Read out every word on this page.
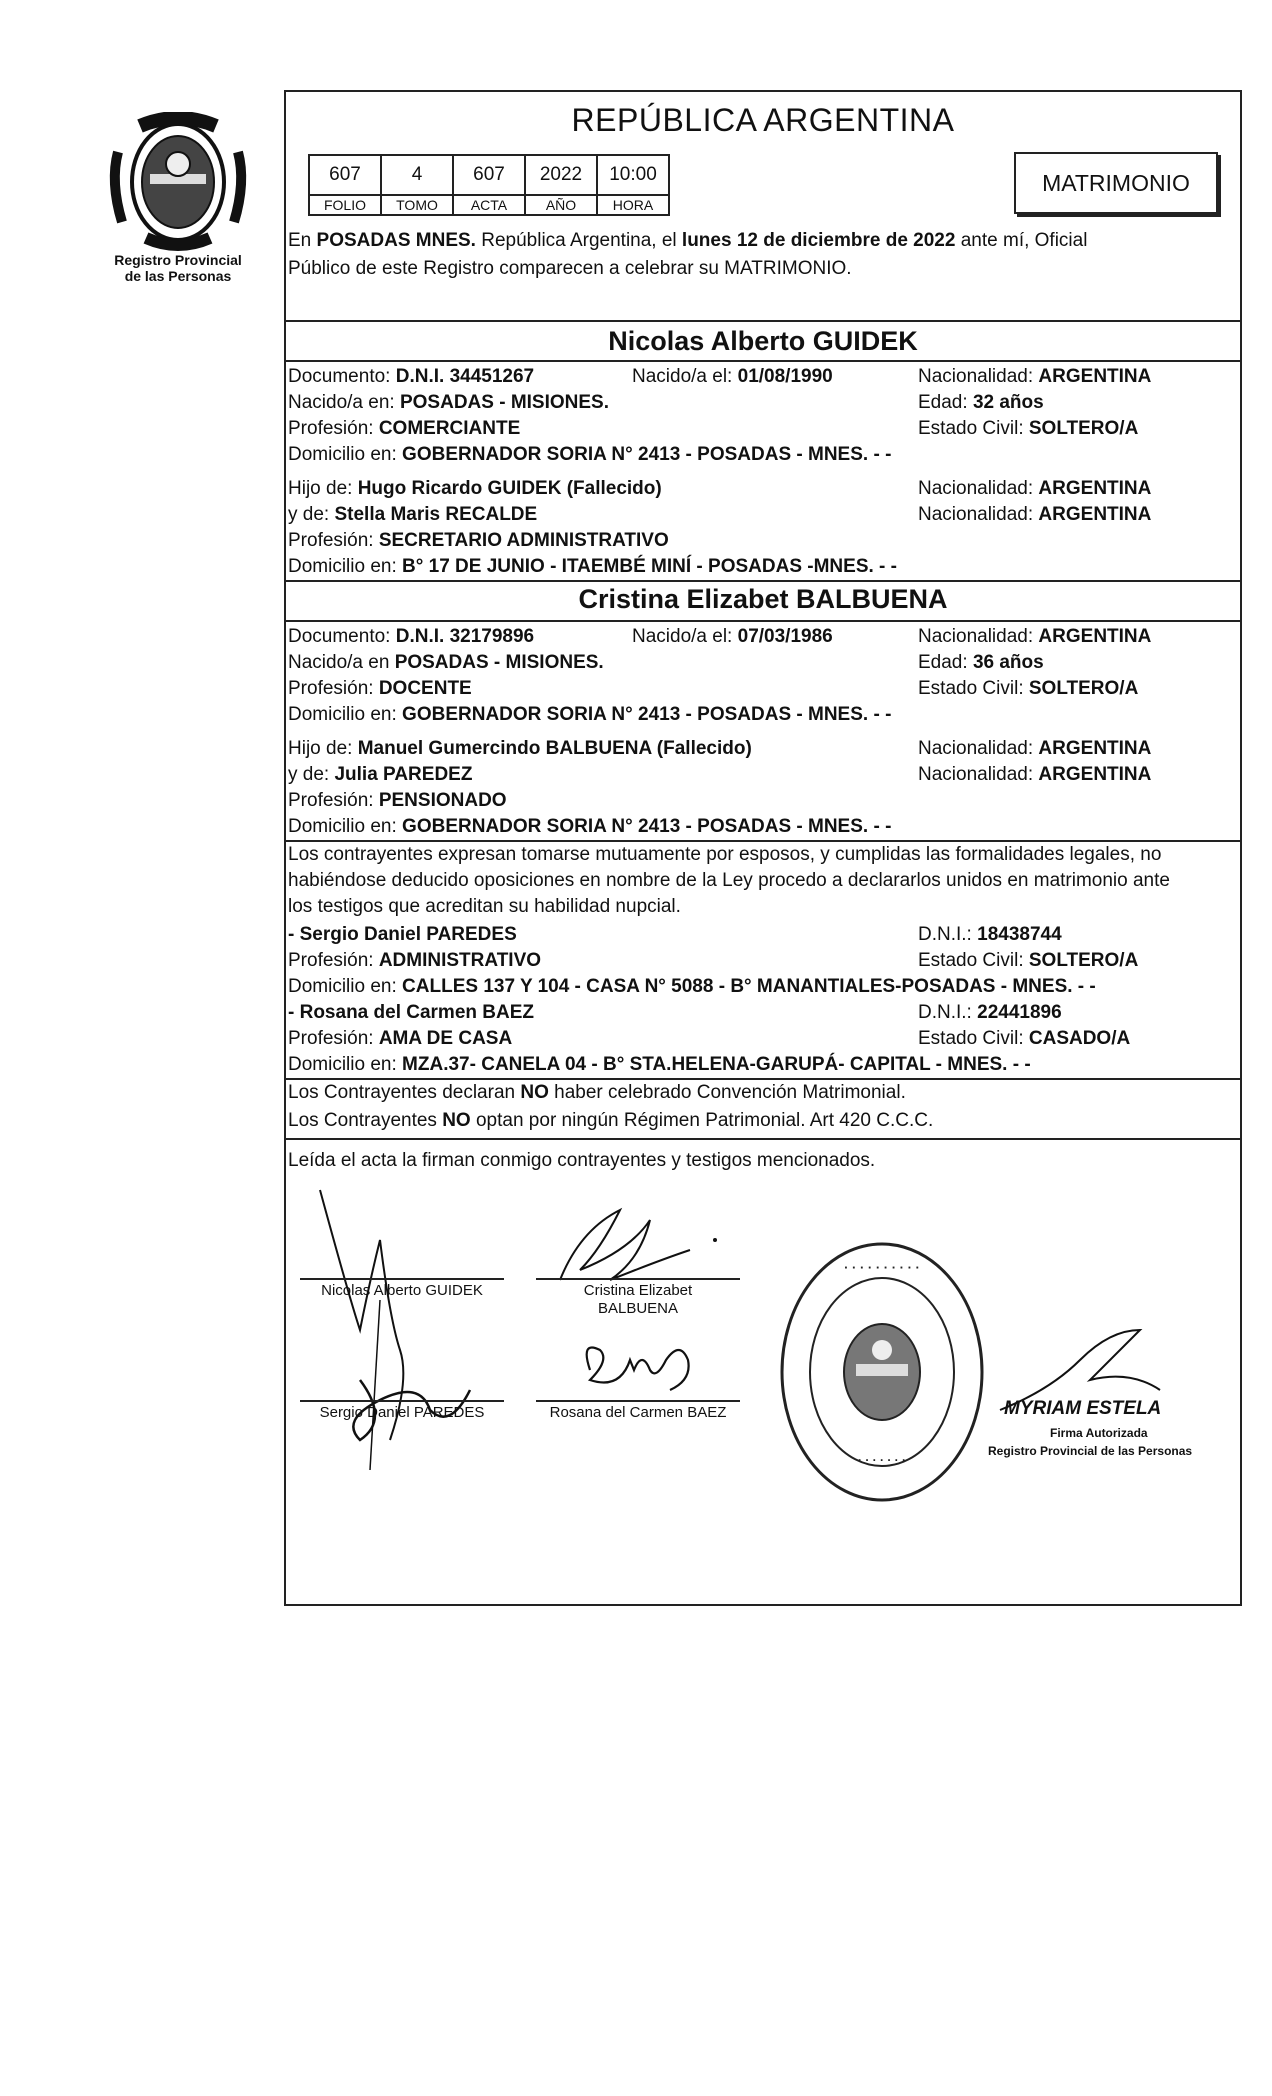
Registro Provincial
de las Personas
REPÚBLICA ARGENTINA
607	4	607	2022	10:00
FOLIO	TOMO	ACTA	AÑO	HORA
MATRIMONIO
En POSADAS MNES. República Argentina, el lunes 12 de diciembre de 2022 ante mí, Oficial
Público de este Registro comparecen a celebrar su MATRIMONIO.
Nicolas Alberto GUIDEK
Documento: D.N.I. 34451267	Nacido/a el: 01/08/1990	Nacionalidad: ARGENTINA
Nacido/a en: POSADAS - MISIONES.	Edad: 32 años
Profesión: COMERCIANTE	Estado Civil: SOLTERO/A
Domicilio en: GOBERNADOR SORIA N° 2413 - POSADAS - MNES. - -
Hijo de: Hugo Ricardo GUIDEK (Fallecido)	Nacionalidad: ARGENTINA
y de: Stella Maris RECALDE	Nacionalidad: ARGENTINA
Profesión: SECRETARIO ADMINISTRATIVO
Domicilio en: B° 17 DE JUNIO - ITAEMBÉ MINÍ - POSADAS -MNES. - -
Cristina Elizabet BALBUENA
Documento: D.N.I. 32179896	Nacido/a el: 07/03/1986	Nacionalidad: ARGENTINA
Nacido/a en POSADAS - MISIONES.	Edad: 36 años
Profesión: DOCENTE	Estado Civil: SOLTERO/A
Domicilio en: GOBERNADOR SORIA N° 2413 - POSADAS - MNES. - -
Hijo de: Manuel Gumercindo BALBUENA (Fallecido)	Nacionalidad: ARGENTINA
y de: Julia PAREDEZ	Nacionalidad: ARGENTINA
Profesión: PENSIONADO
Domicilio en: GOBERNADOR SORIA N° 2413 - POSADAS - MNES. - -
Los contrayentes expresan tomarse mutuamente por esposos, y cumplidas las formalidades legales, no
habiéndose deducido oposiciones en nombre de la Ley procedo a declararlos unidos en matrimonio ante
los testigos que acreditan su habilidad nupcial.
- Sergio Daniel PAREDES	D.N.I.: 18438744
Profesión: ADMINISTRATIVO	Estado Civil: SOLTERO/A
Domicilio en: CALLES 137 Y 104 - CASA N° 5088 - B° MANANTIALES-POSADAS - MNES. - -
- Rosana del Carmen BAEZ	D.N.I.: 22441896
Profesión: AMA DE CASA	Estado Civil: CASADO/A
Domicilio en: MZA.37- CANELA 04 - B° STA.HELENA-GARUPÁ- CAPITAL - MNES. - -
Los Contrayentes declaran NO haber celebrado Convención Matrimonial.
Los Contrayentes NO optan por ningún Régimen Patrimonial. Art 420 C.C.C.
Leída el acta la firman conmigo contrayentes y testigos mencionados.
Nicolas Alberto GUIDEK	Cristina Elizabet
BALBUENA
Sergio Daniel PAREDES	Rosana del Carmen BAEZ
· · · · · · · · · ·
· · · · · · ·
MYRIAM ESTELA
Firma Autorizada
Registro Provincial de las Personas
